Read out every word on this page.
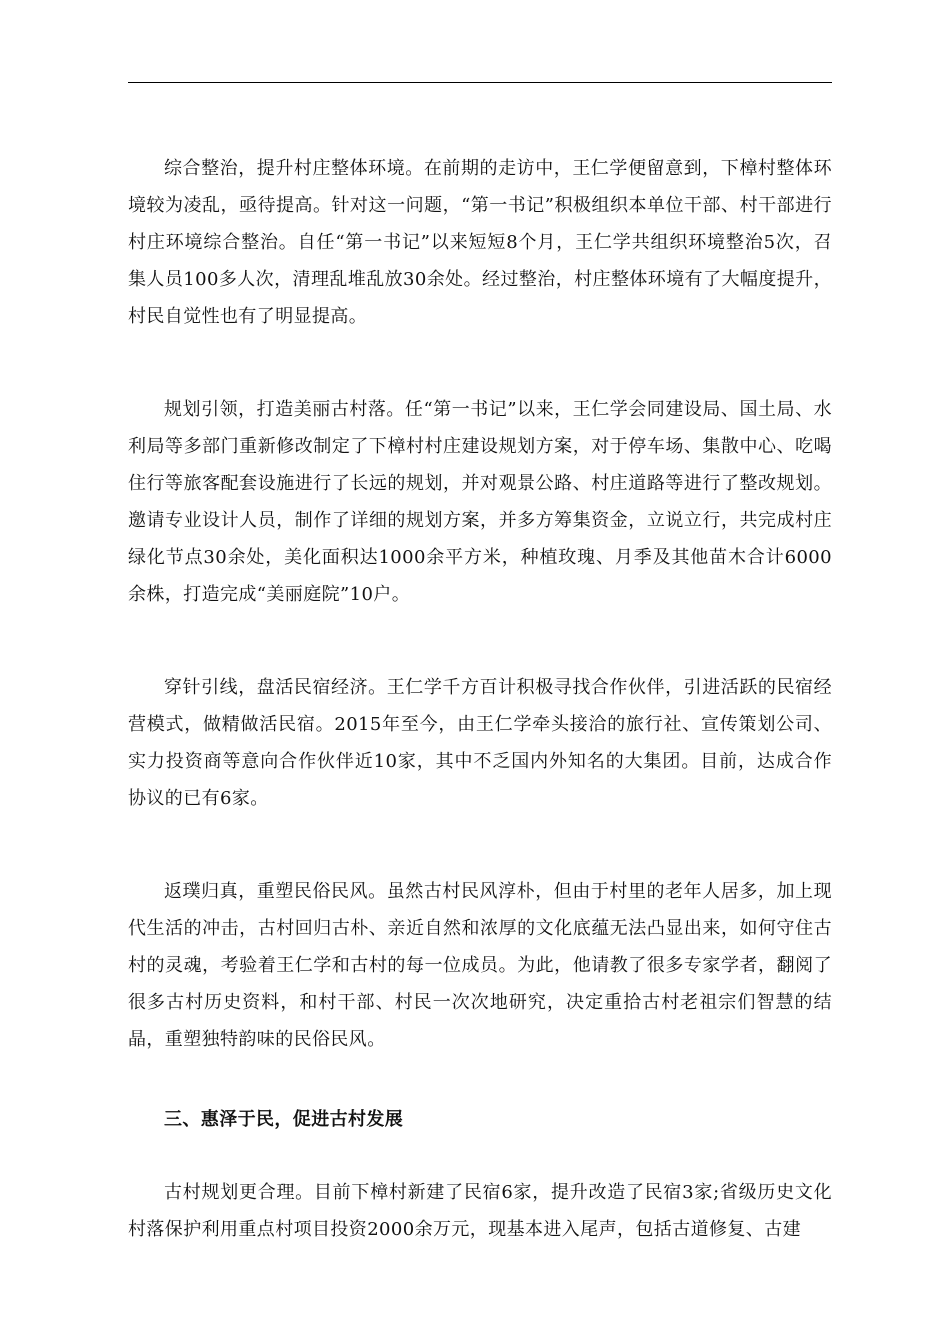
综合整治，提升村庄整体环境。在前期的走访中，王仁学便留意到，下樟村整体环境较为凌乱，亟待提高。针对这一问题，“第一书记”积极组织本单位干部、村干部进行村庄环境综合整治。自任“第一书记”以来短短8个月，王仁学共组织环境整治5次，召集人员100多人次，清理乱堆乱放30余处。经过整治，村庄整体环境有了大幅度提升，村民自觉性也有了明显提高。

规划引领，打造美丽古村落。任“第一书记”以来，王仁学会同建设局、国土局、水利局等多部门重新修改制定了下樟村村庄建设规划方案，对于停车场、集散中心、吃喝住行等旅客配套设施进行了长远的规划，并对观景公路、村庄道路等进行了整改规划。邀请专业设计人员，制作了详细的规划方案，并多方筹集资金，立说立行，共完成村庄绿化节点30余处，美化面积达1000余平方米，种植玫瑰、月季及其他苗木合计6000余株，打造完成“美丽庭院”10户。

穿针引线，盘活民宿经济。王仁学千方百计积极寻找合作伙伴，引进活跃的民宿经营模式，做精做活民宿。2015年至今，由王仁学牵头接洽的旅行社、宣传策划公司、实力投资商等意向合作伙伴近10家，其中不乏国内外知名的大集团。目前，达成合作协议的已有6家。

返璞归真，重塑民俗民风。虽然古村民风淳朴，但由于村里的老年人居多，加上现代生活的冲击，古村回归古朴、亲近自然和浓厚的文化底蕴无法凸显出来，如何守住古村的灵魂，考验着王仁学和古村的每一位成员。为此，他请教了很多专家学者，翻阅了很多古村历史资料，和村干部、村民一次次地研究，决定重拾古村老祖宗们智慧的结晶，重塑独特韵味的民俗民风。

三、惠泽于民，促进古村发展

古村规划更合理。目前下樟村新建了民宿6家，提升改造了民宿3家;省级历史文化村落保护利用重点村项目投资2000余万元，现基本进入尾声，包括古道修复、古建
